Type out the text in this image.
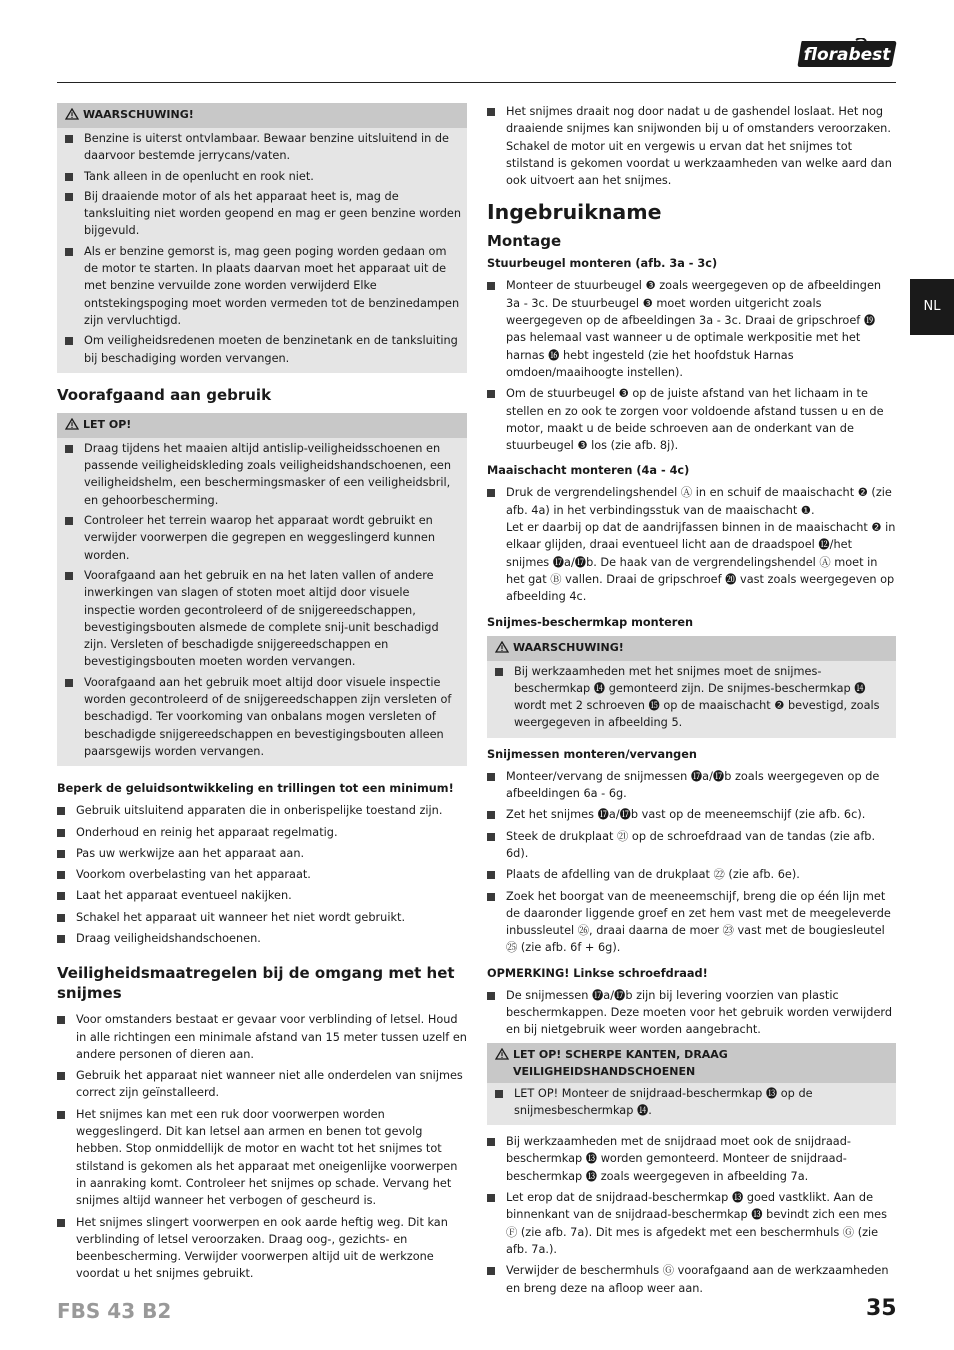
florabest
NL
WAARSCHUWING!
Benzine is uiterst ontvlambaar. Bewaar benzine uitsluitend in de daarvoor bestemde jerrycans/vaten.
Tank alleen in de openlucht en rook niet.
Bij draaiende motor of als het apparaat heet is, mag de tanksluiting niet worden geopend en mag er geen benzine worden bijgevuld.
Als er benzine gemorst is, mag geen poging worden gedaan om de motor te starten. In plaats daarvan moet het apparaat uit de met benzine vervuilde zone worden verwijderd Elke ontstekingspoging moet worden vermeden tot de benzinedampen zijn vervluchtigd.
Om veiligheidsredenen moeten de benzinetank en de tanksluiting bij beschadiging worden vervangen.
Voorafgaand aan gebruik
LET OP!
Draag tijdens het maaien altijd antislip-veiligheidsschoenen en passende veiligheidskleding zoals veiligheidshandschoenen, een veiligheidshelm, een beschermingsmasker of een veiligheidsbril, en gehoorbescherming.
Controleer het terrein waarop het apparaat wordt gebruikt en verwijder voorwerpen die gegrepen en weggeslingerd kunnen worden.
Voorafgaand aan het gebruik en na het laten vallen of andere inwerkingen van slagen of stoten moet altijd door visuele inspectie worden gecontroleerd of de snijgereedschappen, bevestigingsbouten alsmede de complete snij-unit beschadigd zijn. Versleten of beschadigde snijgereedschappen en bevestigingsbouten moeten worden vervangen.
Voorafgaand aan het gebruik moet altijd door visuele inspectie worden gecontroleerd of de snijgereedschappen zijn versleten of beschadigd. Ter voorkoming van onbalans mogen versleten of beschadigde snijgereedschappen en bevestigingsbouten alleen paarsgewijs worden vervangen.
Beperk de geluidsontwikkeling en trillingen tot een minimum!
Gebruik uitsluitend apparaten die in onberispelijke toestand zijn.
Onderhoud en reinig het apparaat regelmatig.
Pas uw werkwijze aan het apparaat aan.
Voorkom overbelasting van het apparaat.
Laat het apparaat eventueel nakijken.
Schakel het apparaat uit wanneer het niet wordt gebruikt.
Draag veiligheidshandschoenen.
Veiligheidsmaatregelen bij de omgang met het snijmes
Voor omstanders bestaat er gevaar voor verblinding of letsel. Houd in alle richtingen een minimale afstand van 15 meter tussen uzelf en andere personen of dieren aan.
Gebruik het apparaat niet wanneer niet alle onderdelen van snijmes correct zijn geïnstalleerd.
Het snijmes kan met een ruk door voorwerpen worden weggeslingerd. Dit kan letsel aan armen en benen tot gevolg hebben. Stop onmiddellijk de motor en wacht tot het snijmes tot stilstand is gekomen als het apparaat met oneigenlijke voorwerpen in aanraking komt. Controleer het snijmes op schade. Vervang het snijmes altijd wanneer het verbogen of gescheurd is.
Het snijmes slingert voorwerpen en ook aarde heftig weg. Dit kan verblinding of letsel veroorzaken. Draag oog-, gezichts- en beenbescherming. Verwijder voorwerpen altijd uit de werkzone voordat u het snijmes gebruikt.
Het snijmes draait nog door nadat u de gashendel loslaat. Het nog draaiende snijmes kan snijwonden bij u of omstanders veroorzaken. Schakel de motor uit en vergewis u ervan dat het snijmes tot stilstand is gekomen voordat u werkzaamheden van welke aard dan ook uitvoert aan het snijmes.
Ingebruikname
Montage
Stuurbeugel monteren (afb. 3a - 3c)
Monteer de stuurbeugel ❸ zoals weergegeven op de afbeeldingen 3a - 3c. De stuurbeugel ❸ moet worden uitgericht zoals weergegeven op de afbeeldingen 3a - 3c. Draai de gripschroef ⓳ pas helemaal vast wanneer u de optimale werkpositie met het harnas ⓰ hebt ingesteld (zie het hoofdstuk Harnas omdoen/maaihoogte instellen).
Om de stuurbeugel ❸ op de juiste afstand van het lichaam in te stellen en zo ook te zorgen voor voldoende afstand tussen u en de motor, maakt u de beide schroeven aan de onderkant van de stuurbeugel ❸ los (zie afb. 8j).
Maaischacht monteren (4a - 4c)
Druk de vergrendelingshendel Ⓐ in en schuif de maaischacht ❷ (zie afb. 4a) in het verbindingsstuk van de maaischacht ❶.
Let er daarbij op dat de aandrijfassen binnen in de maaischacht ❷ in elkaar glijden, draai eventueel licht aan de draadspoel ⓬/het snijmes ⓱a/⓱b. De haak van de vergrendelingshendel Ⓐ moet in het gat Ⓑ vallen. Draai de gripschroef ⓴ vast zoals weergegeven op afbeelding 4c.
Snijmes-beschermkap monteren
WAARSCHUWING!
Bij werkzaamheden met het snijmes moet de snijmes-beschermkap ⓮ gemonteerd zijn. De snijmes-beschermkap ⓮ wordt met 2 schroeven ⓯ op de maaischacht ❷ bevestigd, zoals weergegeven in afbeelding 5.
Snijmessen monteren/vervangen
Monteer/vervang de snijmessen ⓱a/⓱b zoals weergegeven op de afbeeldingen 6a - 6g.
Zet het snijmes ⓱a/⓱b vast op de meeneemschijf (zie afb. 6c).
Steek de drukplaat ㉑ op de schroefdraad van de tandas (zie afb. 6d).
Plaats de afdelling van de drukplaat ㉒ (zie afb. 6e).
Zoek het boorgat van de meeneemschijf, breng die op één lijn met de daaronder liggende groef en zet hem vast met de meegeleverde inbussleutel ㉖, draai daarna de moer ㉓ vast met de bougiesleutel ㉕ (zie afb. 6f + 6g).
OPMERKING! Linkse schroefdraad!
De snijmessen ⓱a/⓱b zijn bij levering voorzien van plastic beschermkappen. Deze moeten voor het gebruik worden verwijderd en bij nietgebruik weer worden aangebracht.
LET OP! SCHERPE KANTEN, DRAAG VEILIGHEIDSHANDSCHOENEN
LET OP! Monteer de snijdraad-beschermkap ⓭ op de snijmesbeschermkap ⓮.
Bij werkzaamheden met de snijdraad moet ook de snijdraad-beschermkap ⓭ worden gemonteerd. Monteer de snijdraad-beschermkap ⓭ zoals weergegeven in afbeelding 7a.
Let erop dat de snijdraad-beschermkap ⓭ goed vastklikt. Aan de binnenkant van de snijdraad-beschermkap ⓭ bevindt zich een mes Ⓕ (zie afb. 7a). Dit mes is afgedekt met een beschermhuls Ⓖ (zie afb. 7a.).
Verwijder de beschermhuls Ⓖ voorafgaand aan de werkzaamheden en breng deze na afloop weer aan.
FBS 43 B2	35
